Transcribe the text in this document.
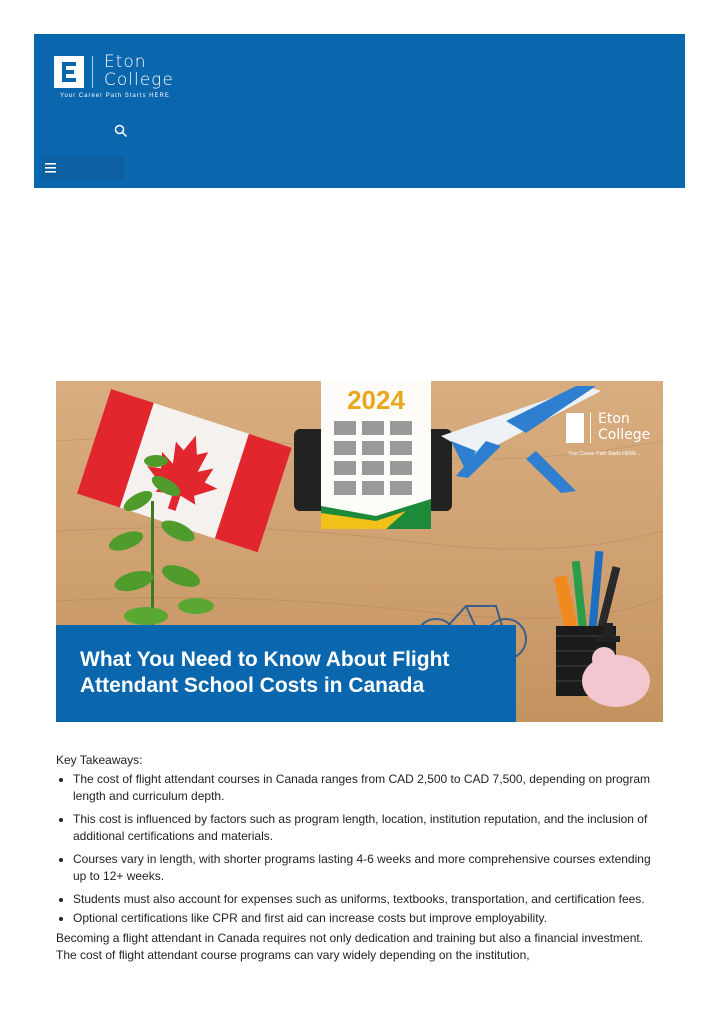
Eton
College
Your Career Path Starts HERE
Eton
College
Your Career Path Starts HERE...
2024
What You Need to Know About Flight Attendant School Costs in Canada
Key Takeaways:
• The cost of flight attendant courses in Canada ranges from CAD 2,500 to CAD 7,500, depending on program length and curriculum depth.
• This cost is influenced by factors such as program length, location, institution reputation, and the inclusion of additional certifications and materials.
• Courses vary in length, with shorter programs lasting 4-6 weeks and more comprehensive courses extending up to 12+ weeks.
• Students must also account for expenses such as uniforms, textbooks, transportation, and certification fees.
• Optional certifications like CPR and first aid can increase costs but improve employability.

Becoming a flight attendant in Canada requires not only dedication and training but also a financial investment. The cost of flight attendant course programs can vary widely depending on the institution,
